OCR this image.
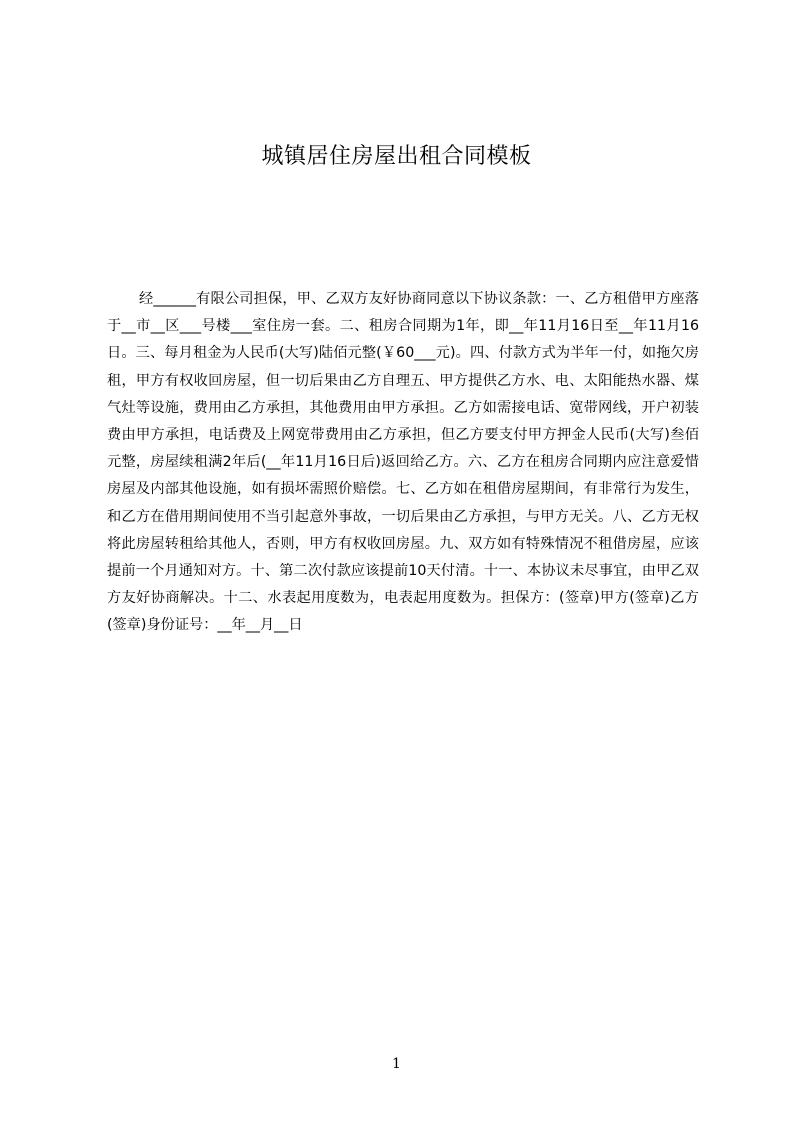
城镇居住房屋出租合同模板

经______有限公司担保，甲、乙双方友好协商同意以下协议条款：一、乙方租借甲方座落于__市__区___号楼___室住房一套。二、租房合同期为1年，即__年11月16日至__年11月16日。三、每月租金为人民币(大写)陆佰元整(￥60___元)。四、付款方式为半年一付，如拖欠房租，甲方有权收回房屋，但一切后果由乙方自理五、甲方提供乙方水、电、太阳能热水器、煤气灶等设施，费用由乙方承担，其他费用由甲方承担。乙方如需接电话、宽带网线，开户初装费由甲方承担，电话费及上网宽带费用由乙方承担，但乙方要支付甲方押金人民币(大写)叁佰元整，房屋续租满2年后(__年11月16日后)返回给乙方。六、乙方在租房合同期内应注意爱惜房屋及内部其他设施，如有损坏需照价赔偿。七、乙方如在租借房屋期间，有非常行为发生，和乙方在借用期间使用不当引起意外事故，一切后果由乙方承担，与甲方无关。八、乙方无权将此房屋转租给其他人，否则，甲方有权收回房屋。九、双方如有特殊情况不租借房屋，应该提前一个月通知对方。十、第二次付款应该提前10天付清。十一、本协议未尽事宜，由甲乙双方友好协商解决。十二、水表起用度数为，电表起用度数为。担保方：(签章)甲方(签章)乙方(签章)身份证号：__年__月__日

1
